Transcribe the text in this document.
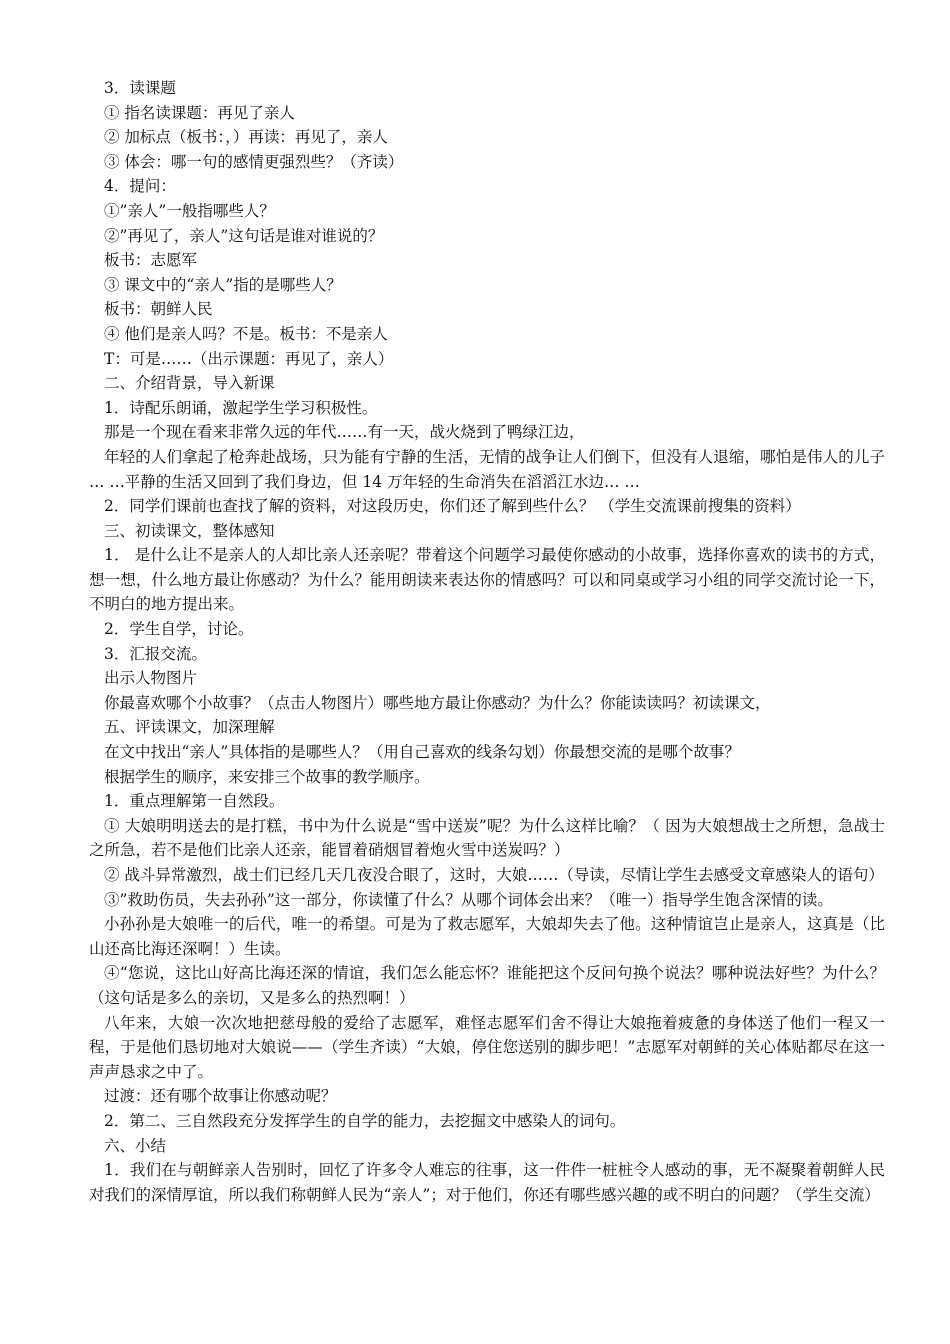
3．读课题

① 指名读课题：再见了亲人

② 加标点（板书：，）再读：再见了，亲人

③ 体会：哪一句的感情更强烈些？（齐读）

4．提问：

①”亲人”一般指哪些人？

②”再见了，亲人”这句话是谁对谁说的？

板书：志愿军

③ 课文中的“亲人”指的是哪些人？

板书：朝鲜人民

④ 他们是亲人吗？不是。板书：不是亲人

T：可是……（出示课题：再见了，亲人）

二、介绍背景，导入新课

1．诗配乐朗诵，激起学生学习积极性。

那是一个现在看来非常久远的年代……有一天，战火烧到了鸭绿江边，

年轻的人们拿起了枪奔赴战场，只为能有宁静的生活，无情的战争让人们倒下，但没有人退缩，哪怕是伟人的儿子 … …平静的生活又回到了我们身边，但 14 万年轻的生命消失在滔滔江水边… …

2．同学们课前也查找了解的资料，对这段历史，你们还了解到些什么？ （学生交流课前搜集的资料）

三、初读课文，整体感知

1． 是什么让不是亲人的人却比亲人还亲呢？带着这个问题学习最使你感动的小故事，选择你喜欢的读书的方式，想一想，什么地方最让你感动？为什么？能用朗读来表达你的情感吗？可以和同桌或学习小组的同学交流讨论一下，不明白的地方提出来。

2．学生自学，讨论。

3．汇报交流。

出示人物图片

你最喜欢哪个小故事？（点击人物图片）哪些地方最让你感动？为什么？你能读读吗？初读课文，

五、评读课文，加深理解

在文中找出“亲人”具体指的是哪些人？（用自己喜欢的线条勾划）你最想交流的是哪个故事？

根据学生的顺序，来安排三个故事的教学顺序。

1．重点理解第一自然段。

① 大娘明明送去的是打糕，书中为什么说是“雪中送炭”呢？为什么这样比喻？（ 因为大娘想战士之所想，急战士之所急，若不是他们比亲人还亲，能冒着硝烟冒着炮火雪中送炭吗？）

② 战斗异常激烈，战士们已经几天几夜没合眼了，这时，大娘……（导读，尽情让学生去感受文章感染人的语句）

③”救助伤员，失去孙孙”这一部分，你读懂了什么？从哪个词体会出来？（唯一）指导学生饱含深情的读。

小孙孙是大娘唯一的后代，唯一的希望。可是为了救志愿军，大娘却失去了他。这种情谊岂止是亲人，这真是（比山还高比海还深啊！）生读。

④“您说，这比山好高比海还深的情谊，我们怎么能忘怀？谁能把这个反问句换个说法？哪种说法好些？为什么？（这句话是多么的亲切，又是多么的热烈啊！）

八年来，大娘一次次地把慈母般的爱给了志愿军，难怪志愿军们舍不得让大娘拖着疲惫的身体送了他们一程又一程，于是他们恳切地对大娘说——（学生齐读）“大娘，停住您送别的脚步吧！”志愿军对朝鲜的关心体贴都尽在这一声声恳求之中了。

过渡：还有哪个故事让你感动呢？

2．第二、三自然段充分发挥学生的自学的能力，去挖掘文中感染人的词句。

六、小结

1．我们在与朝鲜亲人告别时，回忆了许多令人难忘的往事，这一件件一桩桩令人感动的事，无不凝聚着朝鲜人民对我们的深情厚谊，所以我们称朝鲜人民为“亲人”；对于他们，你还有哪些感兴趣的或不明白的问题？（学生交流）
